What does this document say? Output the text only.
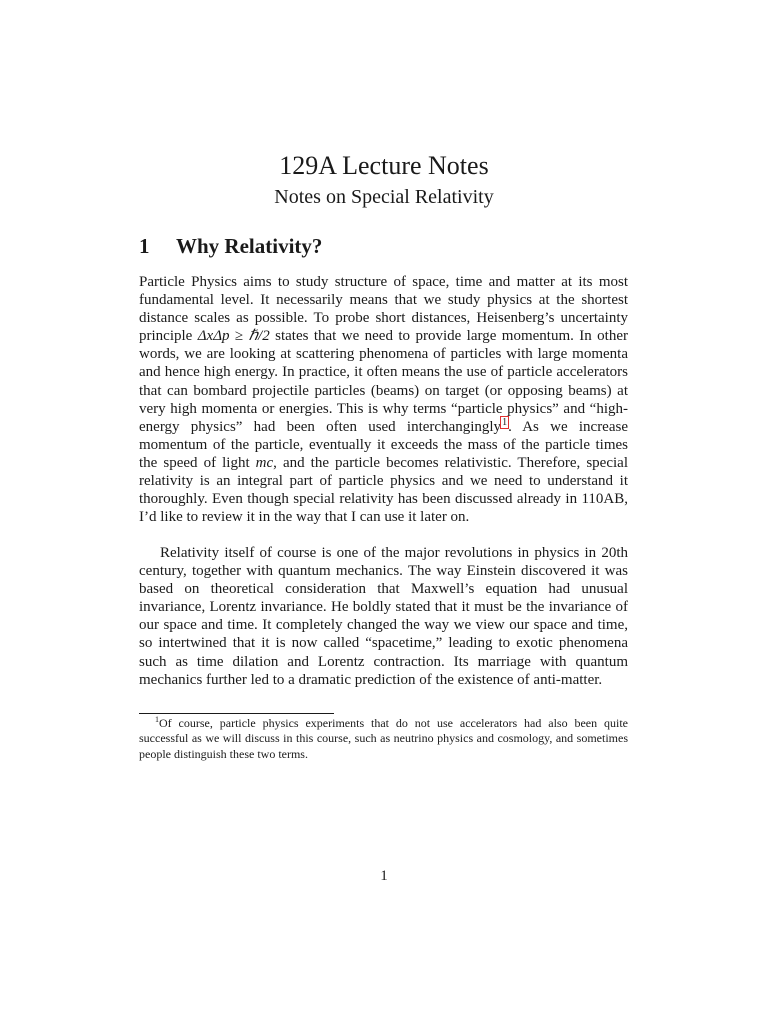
129A Lecture Notes
Notes on Special Relativity
1 Why Relativity?

Particle Physics aims to study structure of space, time and matter at its most fundamental level. It necessarily means that we study physics at the shortest distance scales as possible. To probe short distances, Heisenberg’s uncertainty principle ΔxΔp ≥ ℏ/2 states that we need to provide large momentum. In other words, we are looking at scattering phenomena of particles with large momenta and hence high energy. In practice, it often means the use of particle accelerators that can bombard projectile particles (beams) on target (or opposing beams) at very high momenta or energies. This is why terms “particle physics” and “high-energy physics” had been often used interchangingly$^1$. As we increase momentum of the particle, eventually it exceeds the mass of the particle times the speed of light mc, and the particle becomes relativistic. Therefore, special relativity is an integral part of particle physics and we need to understand it thoroughly. Even though special relativity has been discussed already in 110AB, I’d like to review it in the way that I can use it later on.

Relativity itself of course is one of the major revolutions in physics in 20th century, together with quantum mechanics. The way Einstein discovered it was based on theoretical consideration that Maxwell’s equation had unusual invariance, Lorentz invariance. He boldly stated that it must be the invariance of our space and time. It completely changed the way we view our space and time, so intertwined that it is now called “spacetime,” leading to exotic phenomena such as time dilation and Lorentz contraction. Its marriage with quantum mechanics further led to a dramatic prediction of the existence of anti-matter.

$^1$Of course, particle physics experiments that do not use accelerators had also been quite successful as we will discuss in this course, such as neutrino physics and cosmology, and sometimes people distinguish these two terms.
1
